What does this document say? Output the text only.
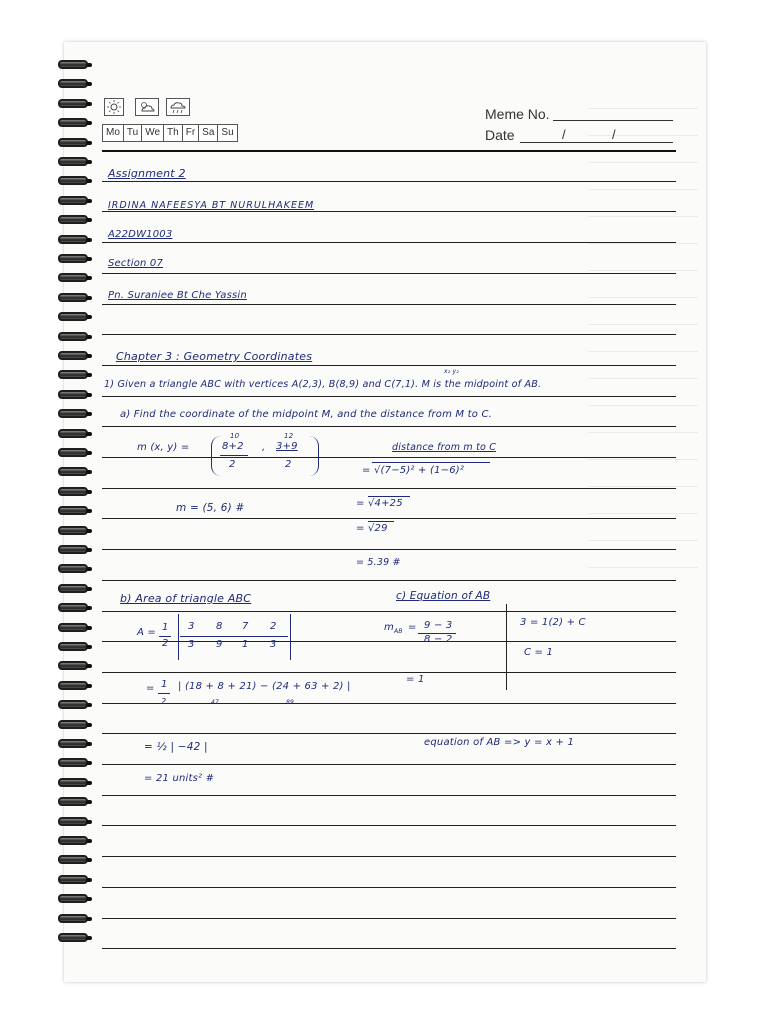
Mo Tu We Th Fr Sa Su
Meme No.
Date	/	/
Assignment 2
IRDINA NAFEESYA BT NURULHAKEEM
A22DW1003
Section 07
Pn. Suraniee Bt Che Yassin
Chapter 3 : Geometry Coordinates
x₂ y₂
1) Given a triangle ABC with vertices A(2,3), B(8,9) and C(7,1). M is the midpoint of AB.
a) Find the coordinate of the midpoint M, and the distance from M to C.
m (x, y) =
10
8+2
2
,
12
3+9
2
m = (5, 6) #
distance from m to C
= √(7−5)² + (1−6)²
= √4+25
= √29
= 5.39 #
b) Area of triangle ABC
A = 1
2
3 8 7 2
3 9 1 3
= 1
2
| (18 + 8 + 21) − (24 + 63 + 2) |
47	89
= ½ | −42 |
= 21 units² #
c) Equation of AB
m AB = 9 − 3
8 − 2
= 1
3 = 1(2) + C
C = 1
equation of AB => y = x + 1
